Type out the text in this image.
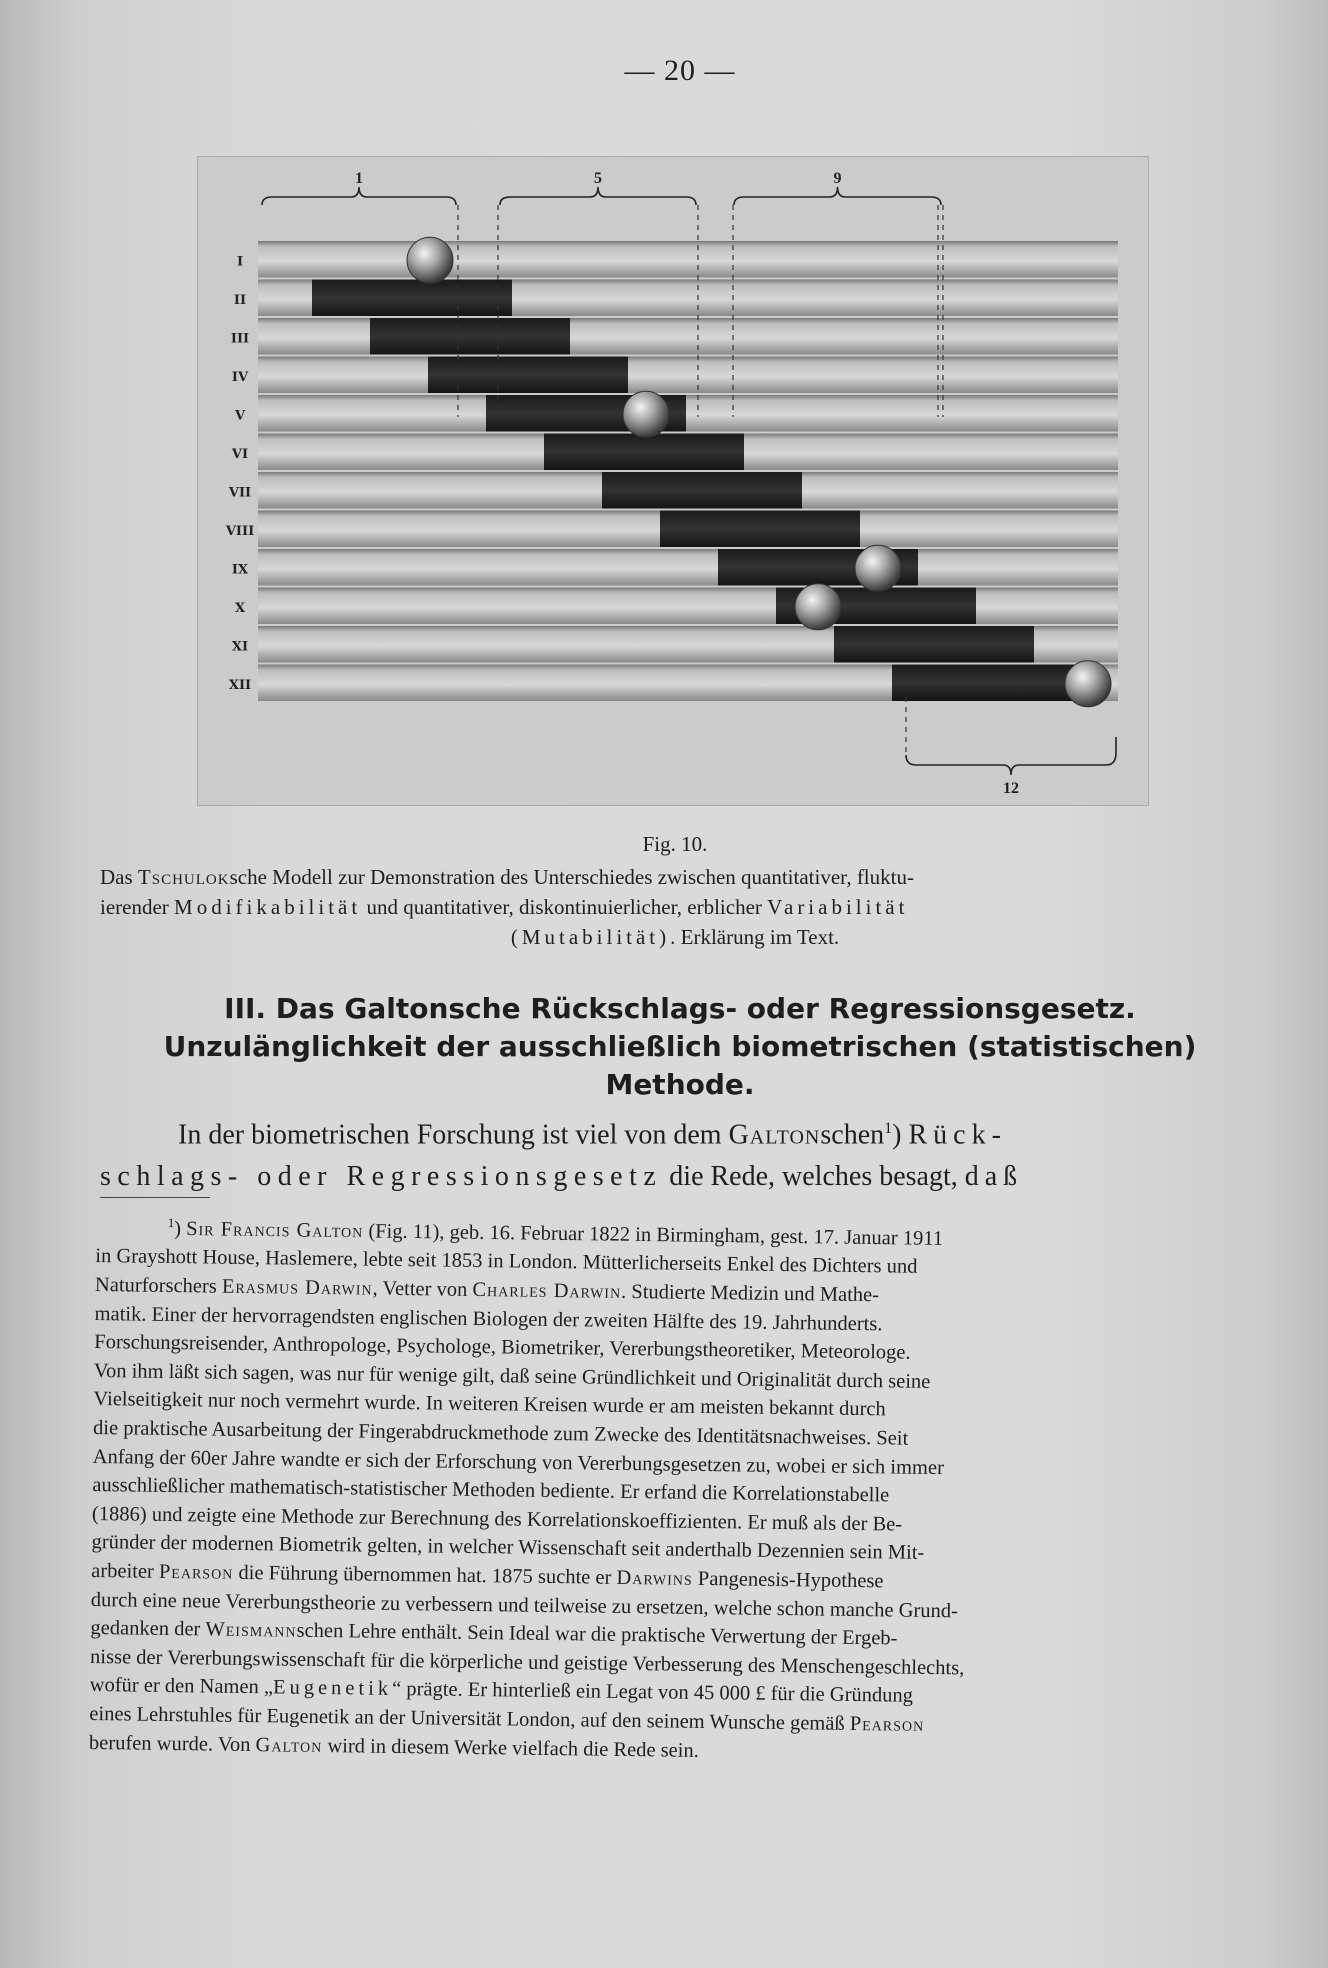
— 20 —
I
II
III
IV
V
VI
VII
VIII
IX
X
XI
XII
1	5	9
12
Fig. 10.
Das Tschuloksche Modell zur Demonstration des Unterschiedes zwischen quantitativer, fluktu-
ierender Modifikabilität und quantitativer, diskontinuierlicher, erblicher Variabilität
(Mutabilität). Erklärung im Text.
III. Das Galtonsche Rückschlags- oder Regressionsgesetz.
Unzulänglichkeit der ausschließlich biometrischen (statistischen)
Methode.
In der biometrischen Forschung ist viel von dem Galtonschen$^1$) Rück-
schlags- oder Regressionsgesetz die Rede, welches besagt, daß
$^1$) Sir Francis Galton (Fig. 11), geb. 16. Februar 1822 in Birmingham, gest. 17. Januar 1911
in Grayshott House, Haslemere, lebte seit 1853 in London. Mütterlicherseits Enkel des Dichters und
Naturforschers Erasmus Darwin, Vetter von Charles Darwin. Studierte Medizin und Mathe-
matik. Einer der hervorragendsten englischen Biologen der zweiten Hälfte des 19. Jahrhunderts.
Forschungsreisender, Anthropologe, Psychologe, Biometriker, Vererbungstheoretiker, Meteorologe.
Von ihm läßt sich sagen, was nur für wenige gilt, daß seine Gründlichkeit und Originalität durch seine
Vielseitigkeit nur noch vermehrt wurde. In weiteren Kreisen wurde er am meisten bekannt durch
die praktische Ausarbeitung der Fingerabdruckmethode zum Zwecke des Identitätsnachweises. Seit
Anfang der 60er Jahre wandte er sich der Erforschung von Vererbungsgesetzen zu, wobei er sich immer
ausschließlicher mathematisch-statistischer Methoden bediente. Er erfand die Korrelationstabelle
(1886) und zeigte eine Methode zur Berechnung des Korrelationskoeffizienten. Er muß als der Be-
gründer der modernen Biometrik gelten, in welcher Wissenschaft seit anderthalb Dezennien sein Mit-
arbeiter Pearson die Führung übernommen hat. 1875 suchte er Darwins Pangenesis-Hypothese
durch eine neue Vererbungstheorie zu verbessern und teilweise zu ersetzen, welche schon manche Grund-
gedanken der Weismannschen Lehre enthält. Sein Ideal war die praktische Verwertung der Ergeb-
nisse der Vererbungswissenschaft für die körperliche und geistige Verbesserung des Menschengeschlechts,
wofür er den Namen „Eugenetik“ prägte. Er hinterließ ein Legat von 45 000 £ für die Gründung
eines Lehrstuhles für Eugenetik an der Universität London, auf den seinem Wunsche gemäß Pearson
berufen wurde. Von Galton wird in diesem Werke vielfach die Rede sein.
